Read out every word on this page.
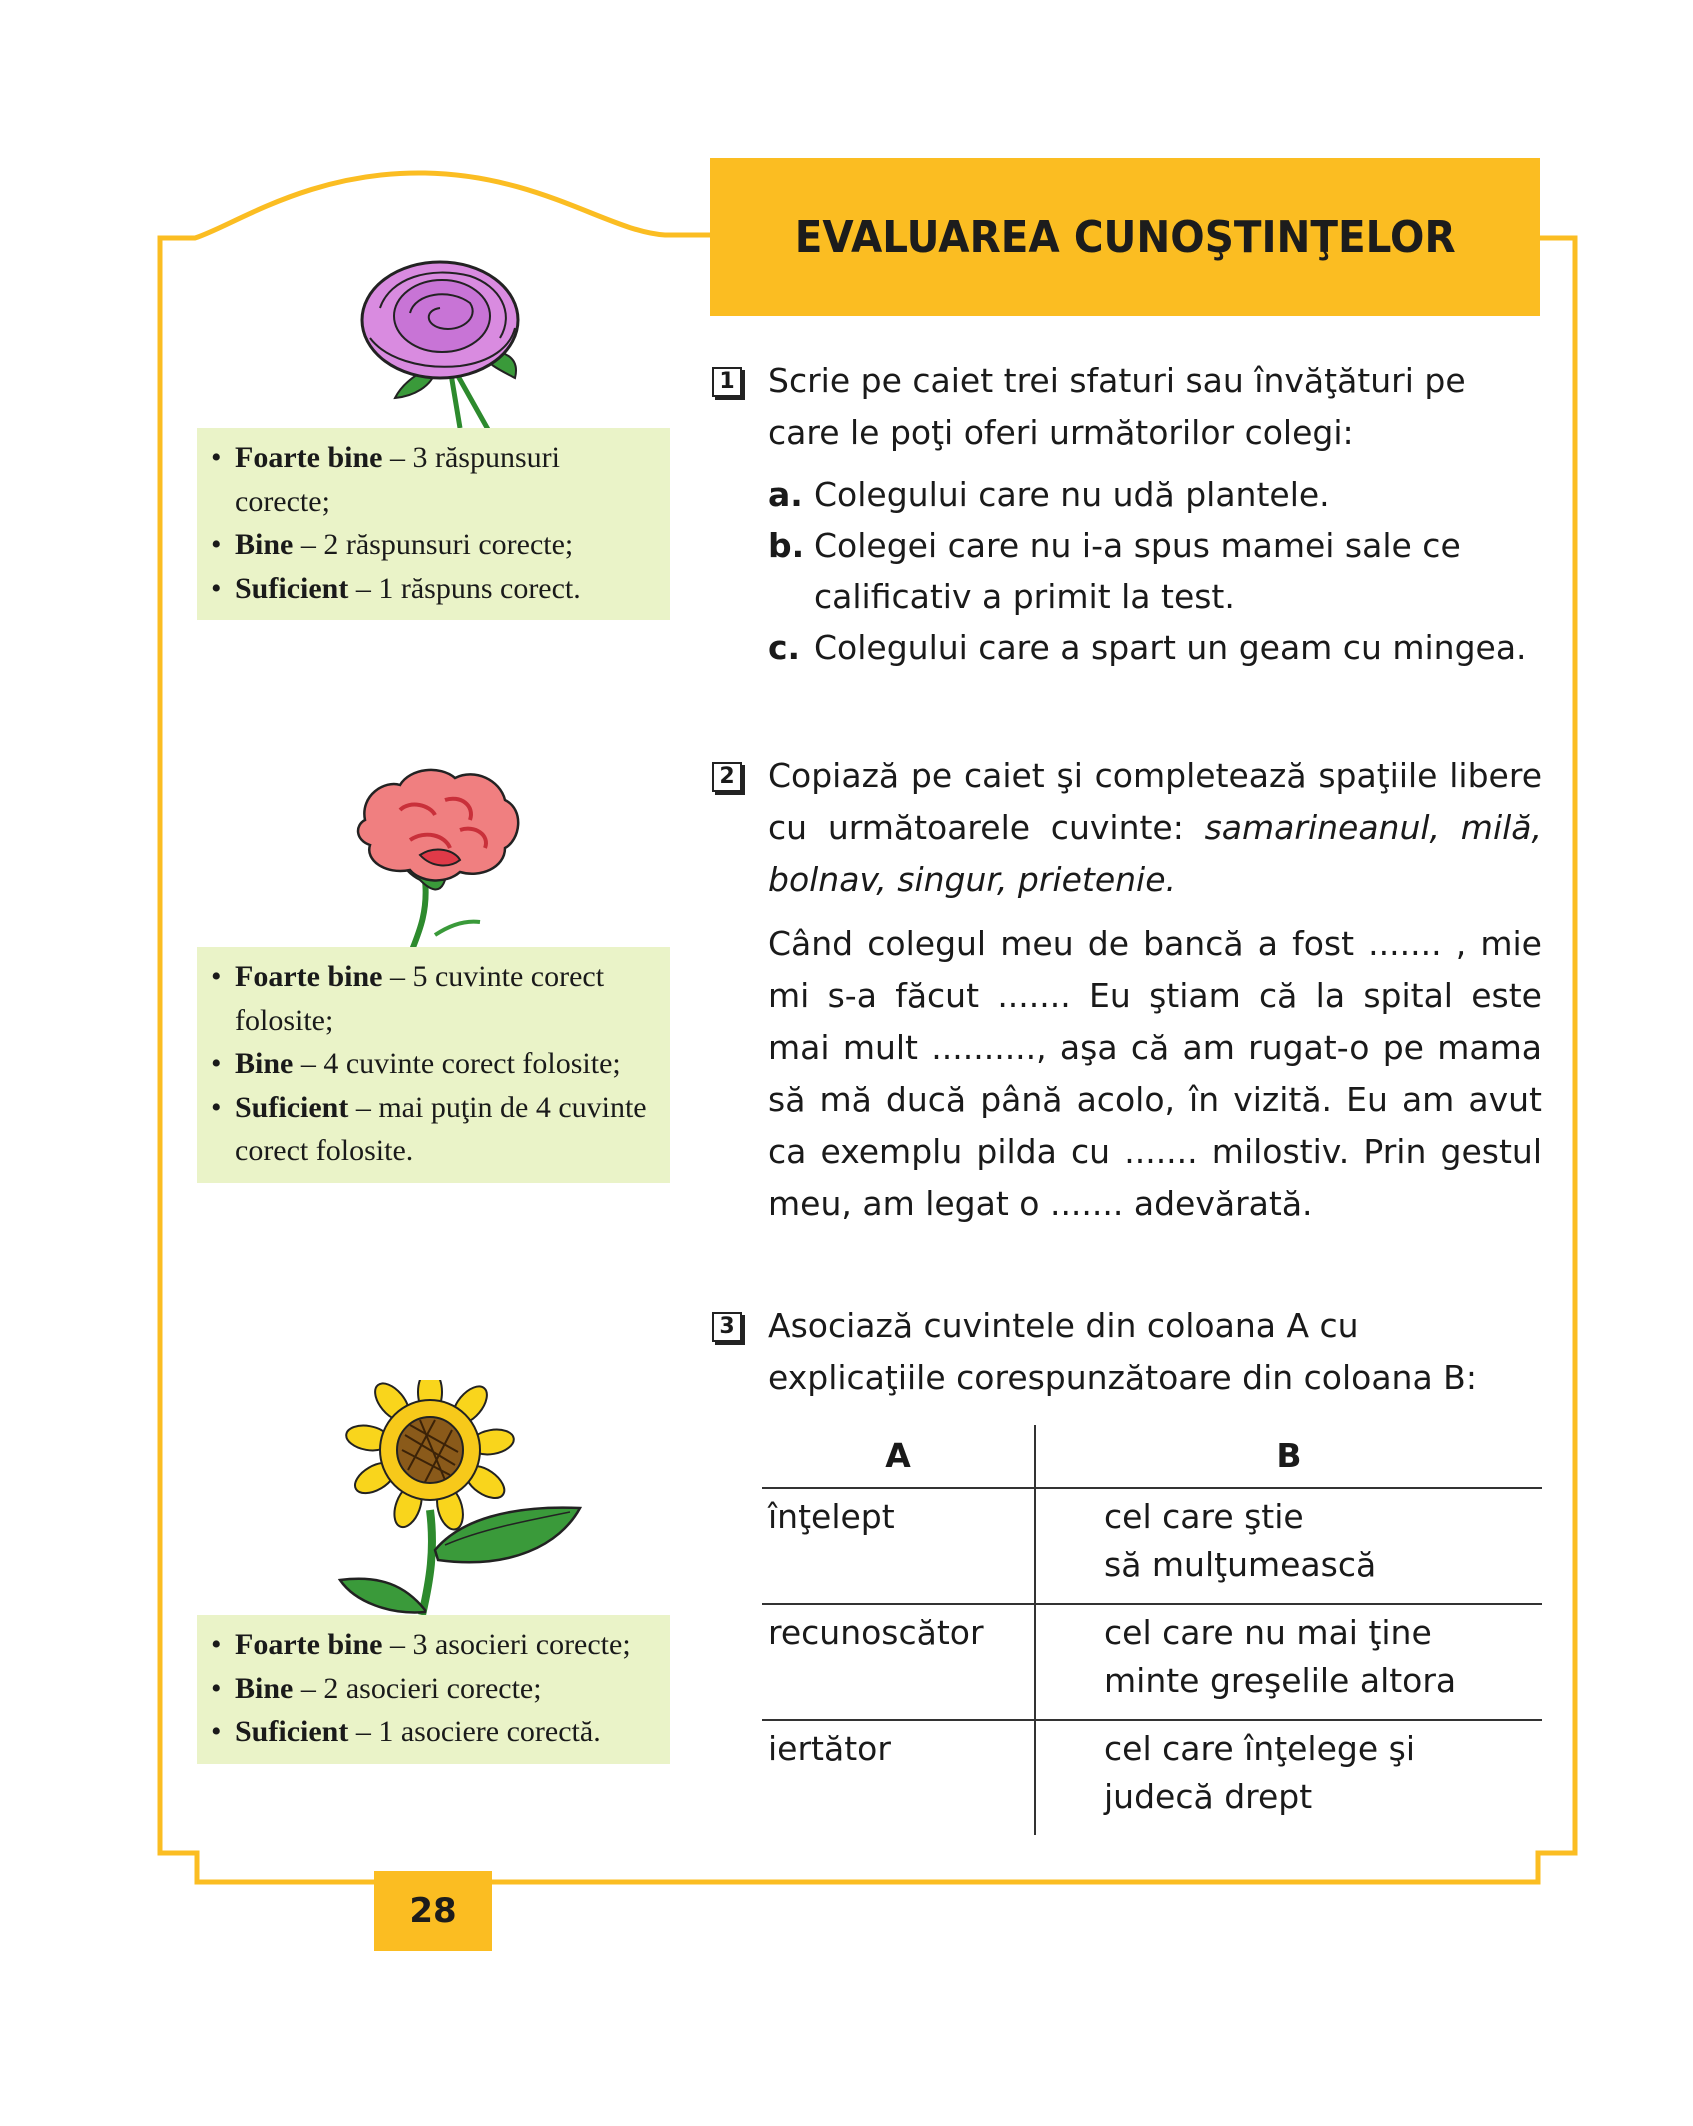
EVALUAREA CUNOŞTINŢELOR
• Foarte bine – 3 răspunsuri corecte;
• Bine – 2 răspunsuri corecte;
• Suficient – 1 răspuns corect.
• Foarte bine – 5 cuvinte corect folosite;
• Bine – 4 cuvinte corect folosite;
• Suficient – mai puţin de 4 cuvinte corect folosite.
• Foarte bine – 3 asocieri corecte;
• Bine – 2 asocieri corecte;
• Suficient – 1 asociere corectă.
1 Scrie pe caiet trei sfaturi sau învăţături pe care le poţi oferi următorilor colegi:
a. Colegului care nu udă plantele.
b. Colegei care nu i-a spus mamei sale ce calificativ a primit la test.
c. Colegului care a spart un geam cu mingea.
2 Copiază pe caiet şi completează spaţiile libere cu următoarele cuvinte: samarineanul, milă, bolnav, singur, prietenie.
Când colegul meu de bancă a fost ....... , mie mi s-a făcut ....... Eu ştiam că la spital este mai mult .........., aşa că am rugat-o pe mama să mă ducă până acolo, în vizită. Eu am avut ca exemplu pilda cu ....... milostiv. Prin gestul meu, am legat o ....... adevărată.
3 Asociază cuvintele din coloana A cu explicaţiile corespunzătoare din coloana B:
A	B
înţelept	cel care ştie
să mulţumească

recunoscător	cel care nu mai ţine
minte greşelile altora

iertător	cel care înţelege şi
judecă drept
28
